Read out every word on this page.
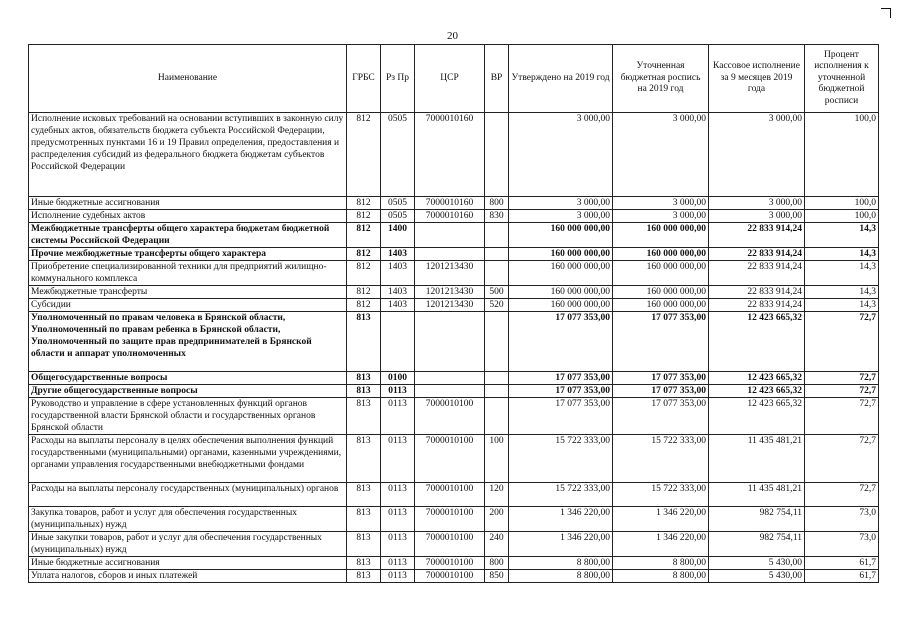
20
Наименование	ГРБС	Рз Пр	ЦСР	ВР	Утверждено на 2019 год	Уточненная бюджетная роспись на 2019 год	Кассовое исполнение за 9 месяцев 2019 года	Процент исполнения к уточненной бюджетной росписи
Исполнение исковых требований на основании вступивших в законную силу судебных актов, обязательств бюджета субъекта Российской Федерации, предусмотренных пунктами 16 и 19 Правил определения, предоставления и распределения субсидий из федерального бюджета бюджетам субъектов Российской Федерации	812	0505	7000010160		3 000,00	3 000,00	3 000,00	100,0
Иные бюджетные ассигнования	812	0505	7000010160	800	3 000,00	3 000,00	3 000,00	100,0
Исполнение судебных актов	812	0505	7000010160	830	3 000,00	3 000,00	3 000,00	100,0
Межбюджетные трансферты общего характера бюджетам бюджетной системы Российской Федерации	812	1400			160 000 000,00	160 000 000,00	22 833 914,24	14,3
Прочие межбюджетные трансферты общего характера	812	1403			160 000 000,00	160 000 000,00	22 833 914,24	14,3
Приобретение специализированной техники для предприятий жилищно-коммунального комплекса	812	1403	1201213430		160 000 000,00	160 000 000,00	22 833 914,24	14,3
Межбюджетные трансферты	812	1403	1201213430	500	160 000 000,00	160 000 000,00	22 833 914,24	14,3
Субсидии	812	1403	1201213430	520	160 000 000,00	160 000 000,00	22 833 914,24	14,3
Уполномоченный по правам человека в Брянской области, Уполномоченный по правам ребенка в Брянской области, Уполномоченный по защите прав предпринимателей в Брянской области и аппарат уполномоченных	813				17 077 353,00	17 077 353,00	12 423 665,32	72,7
Общегосударственные вопросы	813	0100			17 077 353,00	17 077 353,00	12 423 665,32	72,7
Другие общегосударственные вопросы	813	0113			17 077 353,00	17 077 353,00	12 423 665,32	72,7
Руководство и управление в сфере установленных функций органов государственной власти Брянской области и государственных органов Брянской области	813	0113	7000010100		17 077 353,00	17 077 353,00	12 423 665,32	72,7
Расходы на выплаты персоналу в целях обеспечения выполнения функций государственными (муниципальными) органами, казенными учреждениями, органами управления государственными внебюджетными фондами	813	0113	7000010100	100	15 722 333,00	15 722 333,00	11 435 481,21	72,7
Расходы на выплаты персоналу государственных (муниципальных) органов	813	0113	7000010100	120	15 722 333,00	15 722 333,00	11 435 481,21	72,7
Закупка товаров, работ и услуг для обеспечения государственных (муниципальных) нужд	813	0113	7000010100	200	1 346 220,00	1 346 220,00	982 754,11	73,0
Иные закупки товаров, работ и услуг для обеспечения государственных (муниципальных) нужд	813	0113	7000010100	240	1 346 220,00	1 346 220,00	982 754,11	73,0
Иные бюджетные ассигнования	813	0113	7000010100	800	8 800,00	8 800,00	5 430,00	61,7
Уплата налогов, сборов и иных платежей	813	0113	7000010100	850	8 800,00	8 800,00	5 430,00	61,7
